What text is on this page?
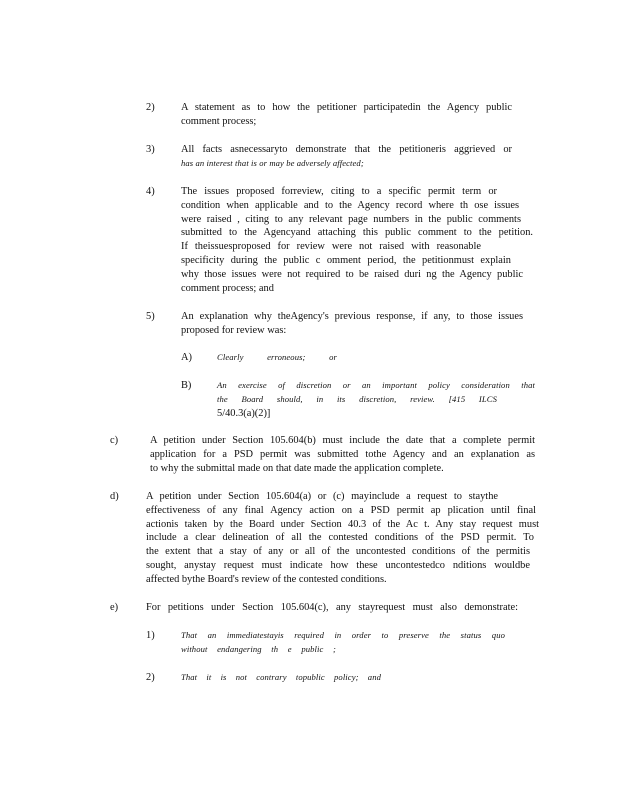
2)	A statement as to how the petitioner participatedin the Agency public
comment process;
3)	All facts asnecessaryto demonstrate that the petitioneris aggrieved or
has an interest that is or may be adversely affected;
4)	The issues proposed forreview, citing to a specific permit term or
condition when applicable and to the Agency record where th ose issues
were raised , citing to any relevant page numbers in the public comments
submitted to the Agencyand attaching this public comment to the petition.
If theissuesproposed for review were not raised with reasonable
specificity during the public c omment period, the petitionmust explain
why those issues were not required to be raised duri ng the Agency public
comment process; and
5)	An explanation why theAgency's previous response, if any, to those issues
proposed for review was:
A)	Clearly erroneous; or
B)	An exercise of discretion or an important policy consideration that
the Board should, in its discretion, review. [415 ILCS
5/40.3(a)(2)]
c)	A petition under Section 105.604(b) must include the date that a complete permit
application for a PSD permit was submitted tothe Agency and an explanation as
to why the submittal made on that date made the application complete.
d)	A petition under Section 105.604(a) or (c) mayinclude a request to staythe
effectiveness of any final Agency action on a PSD permit ap plication until final
actionis taken by the Board under Section 40.3 of the Ac t. Any stay request must
include a clear delineation of all the contested conditions of the PSD permit. To
the extent that a stay of any or all of the uncontested conditions of the permitis
sought, anystay request must indicate how these uncontestedco nditions wouldbe
affected bythe Board's review of the contested conditions.
e)	For petitions under Section 105.604(c), any stayrequest must also demonstrate:
1)	That an immediatestayis required in order to preserve the status quo
without endangering th e public ;
2)	That it is not contrary topublic policy; and
